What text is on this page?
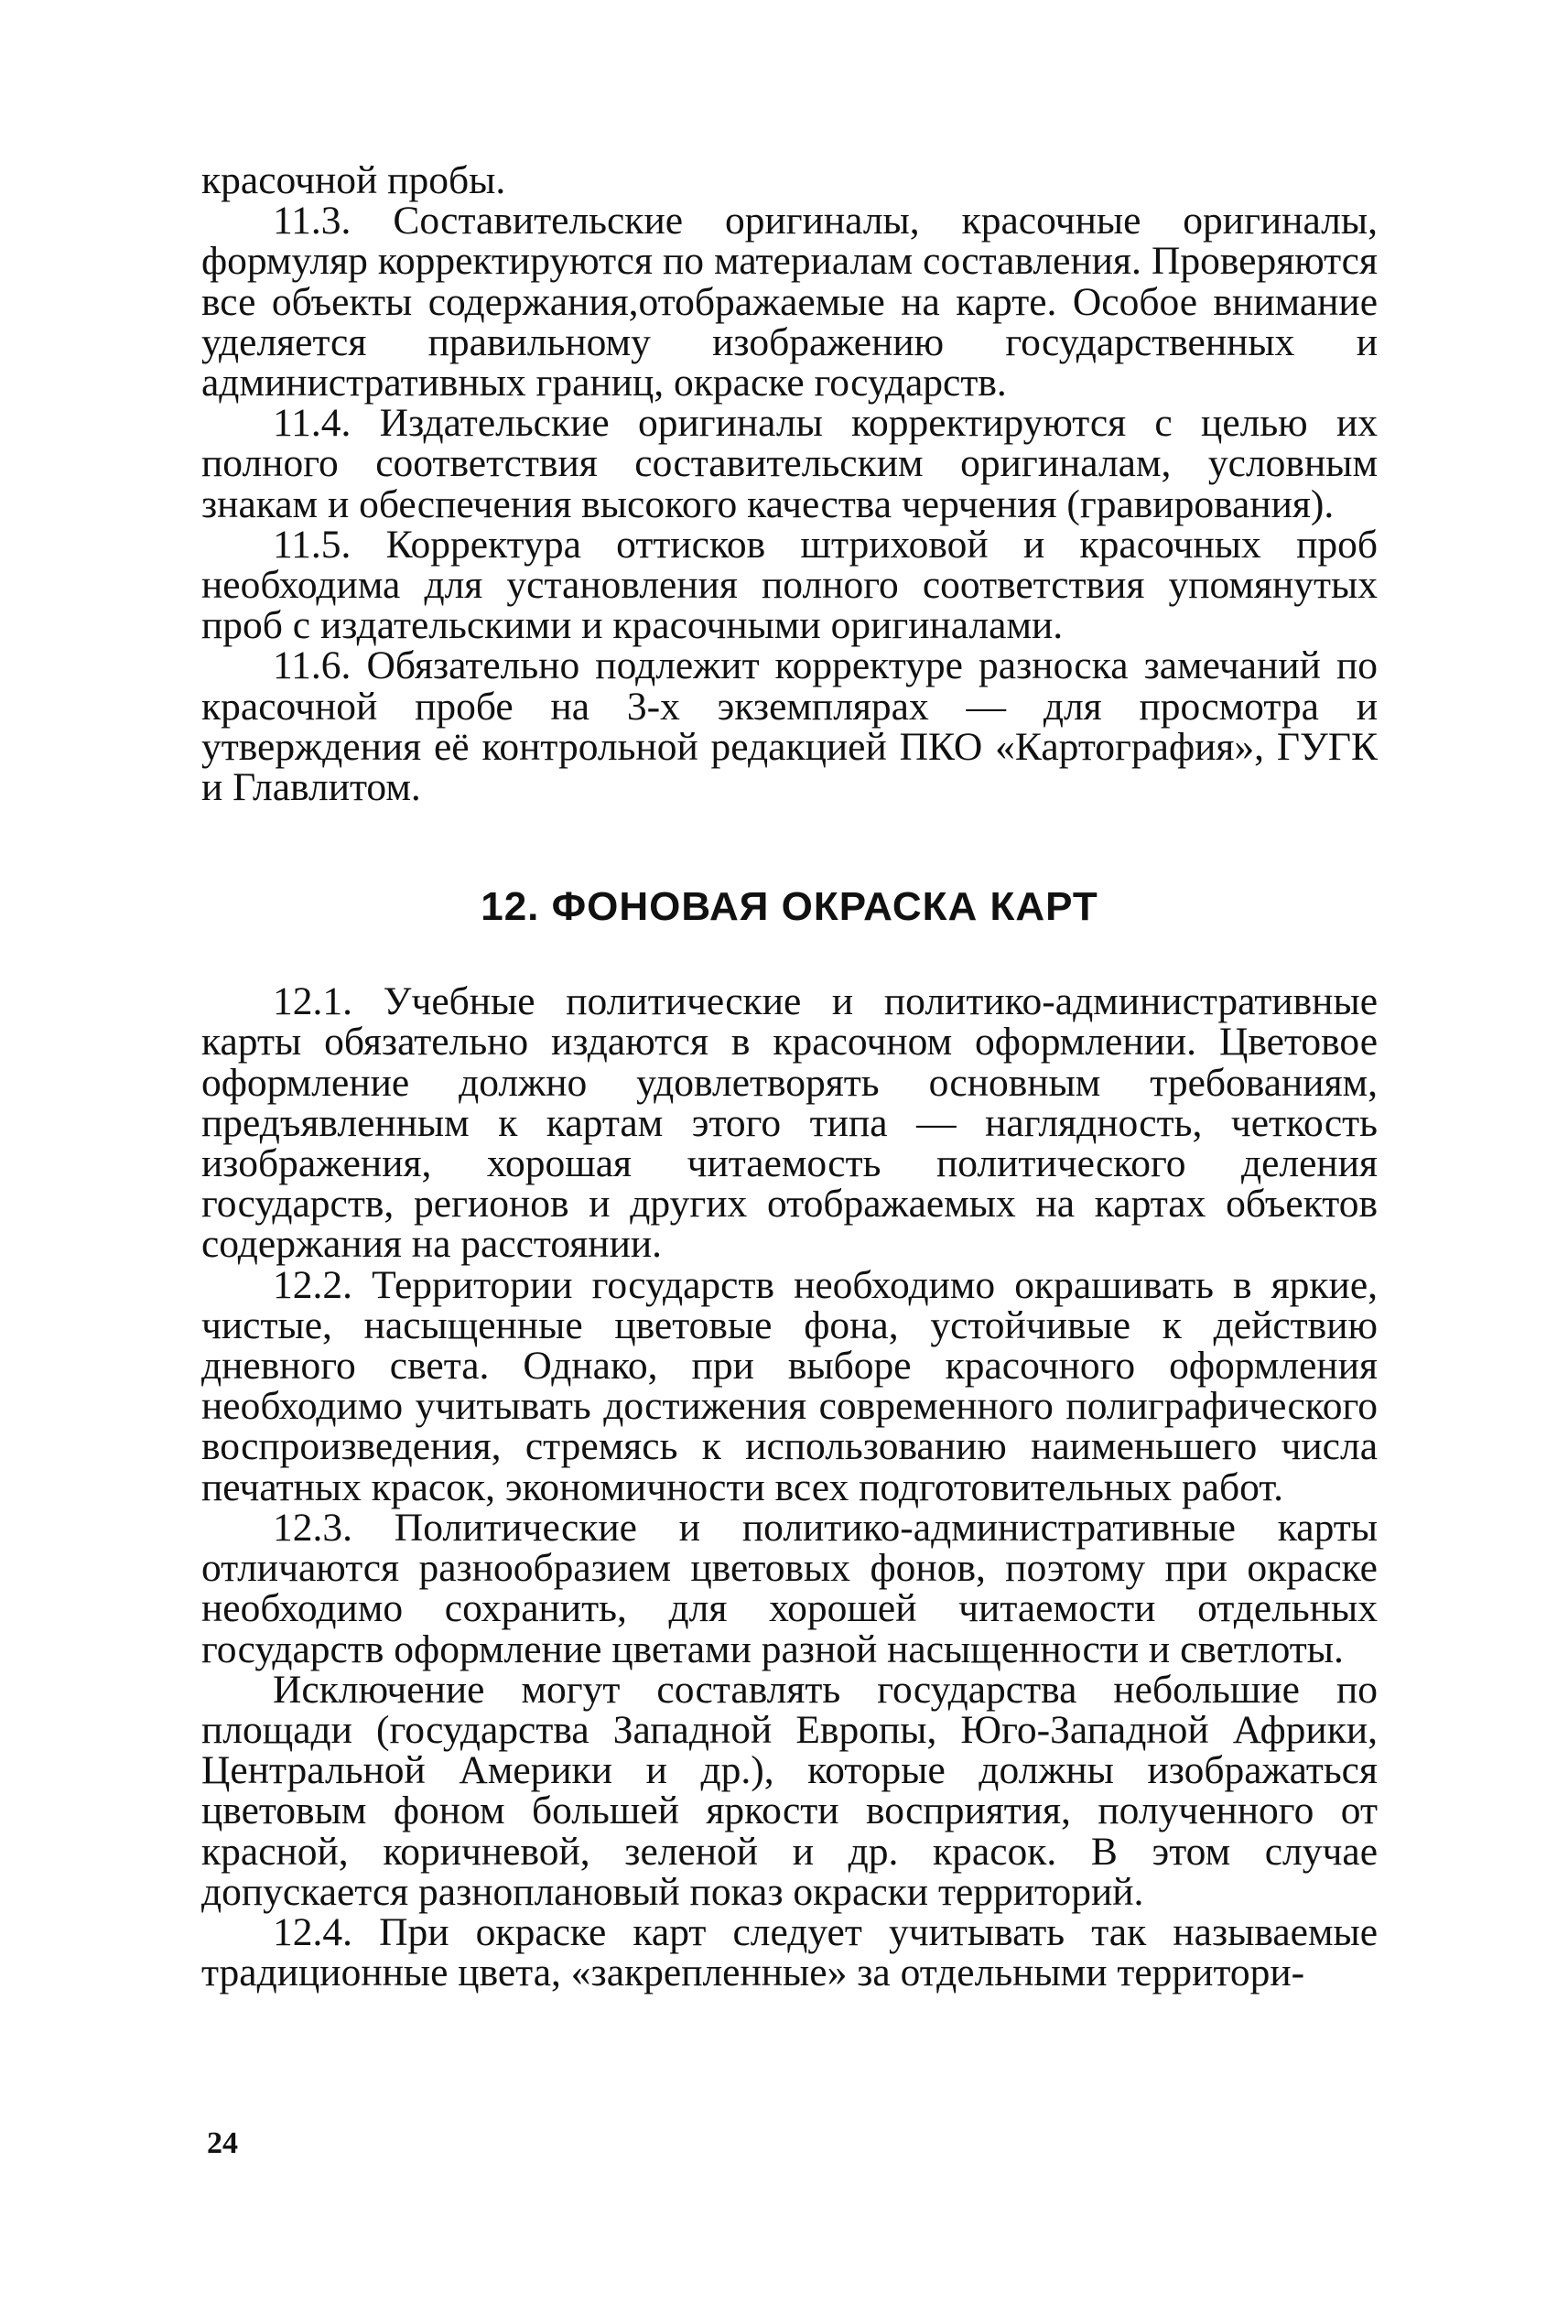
красочной пробы.

11.3. Составительские оригиналы, красочные оригиналы, формуляр корректируются по материалам составления. Проверяются все объекты содержания,отображаемые на карте. Особое внимание уделяется правильному изображению государственных и административных границ, окраске государств.

11.4. Издательские оригиналы корректируются с целью их полного соответствия составительским оригиналам, условным знакам и обеспечения высокого качества черчения (гравирования).

11.5. Корректура оттисков штриховой и красочных проб необходима для установления полного соответствия упомянутых проб с издательскими и красочными оригиналами.

11.6. Обязательно подлежит корректуре разноска замечаний по красочной пробе на 3-х экземплярах — для просмотра и утверждения её контрольной редакцией ПКО «Картография», ГУГК и Главлитом.

12. ФОНОВАЯ ОКРАСКА КАРТ

12.1. Учебные политические и политико-административные карты обязательно издаются в красочном оформлении. Цветовое оформление должно удовлетворять основным требованиям, предъявленным к картам этого типа — наглядность, четкость изображения, хорошая читаемость политического деления государств, регионов и других отображаемых на картах объектов содержания на расстоянии.

12.2. Территории государств необходимо окрашивать в яркие, чистые, насыщенные цветовые фона, устойчивые к действию дневного света. Однако, при выборе красочного оформления необходимо учитывать достижения современного полиграфического воспроизведения, стремясь к использованию наименьшего числа печатных красок, экономичности всех подготовительных работ.

12.3. Политические и политико-административные карты отличаются разнообразием цветовых фонов, поэтому при окраске необходимо сохранить, для хорошей читаемости отдельных государств оформление цветами разной насыщенности и светлоты.

Исключение могут составлять государства небольшие по площади (государства Западной Европы, Юго-Западной Африки, Центральной Америки и др.), которые должны изображаться цветовым фоном большей яркости восприятия, полученного от красной, коричневой, зеленой и др. красок. В этом случае допускается разноплановый показ окраски территорий.

12.4. При окраске карт следует учитывать так называемые традиционные цвета, «закрепленные» за отдельными территори-

24
